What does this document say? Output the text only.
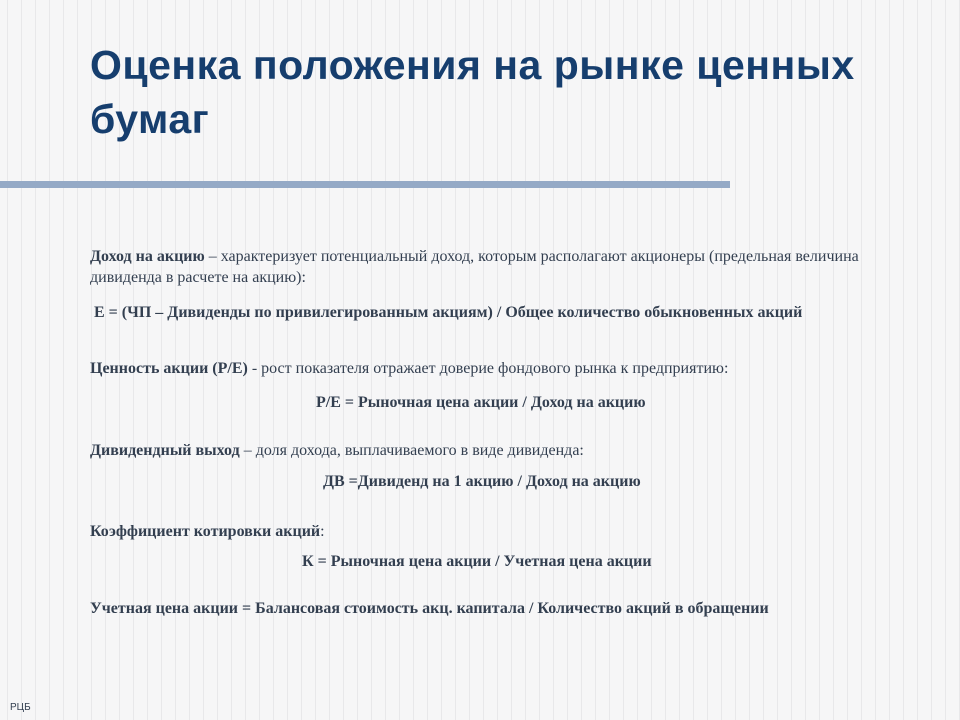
Оценка положения на рынке ценных бумаг

Доход на акцию – характеризует потенциальный доход, которым располагают акционеры (предельная величина дивиденда в расчете на акцию):

Е = (ЧП – Дивиденды по привилегированным акциям) / Общее количество обыкновенных акций

Ценность акции (Р/Е) - рост показателя отражает доверие фондового рынка к предприятию:

Р/Е = Рыночная цена акции / Доход на акцию

Дивидендный выход – доля дохода, выплачиваемого в виде дивиденда:

ДВ =Дивиденд на 1 акцию / Доход на акцию

Коэффициент котировки акций:

К = Рыночная цена акции / Учетная цена акции

Учетная цена акции = Балансовая стоимость акц. капитала / Количество акций в обращении

РЦБ
